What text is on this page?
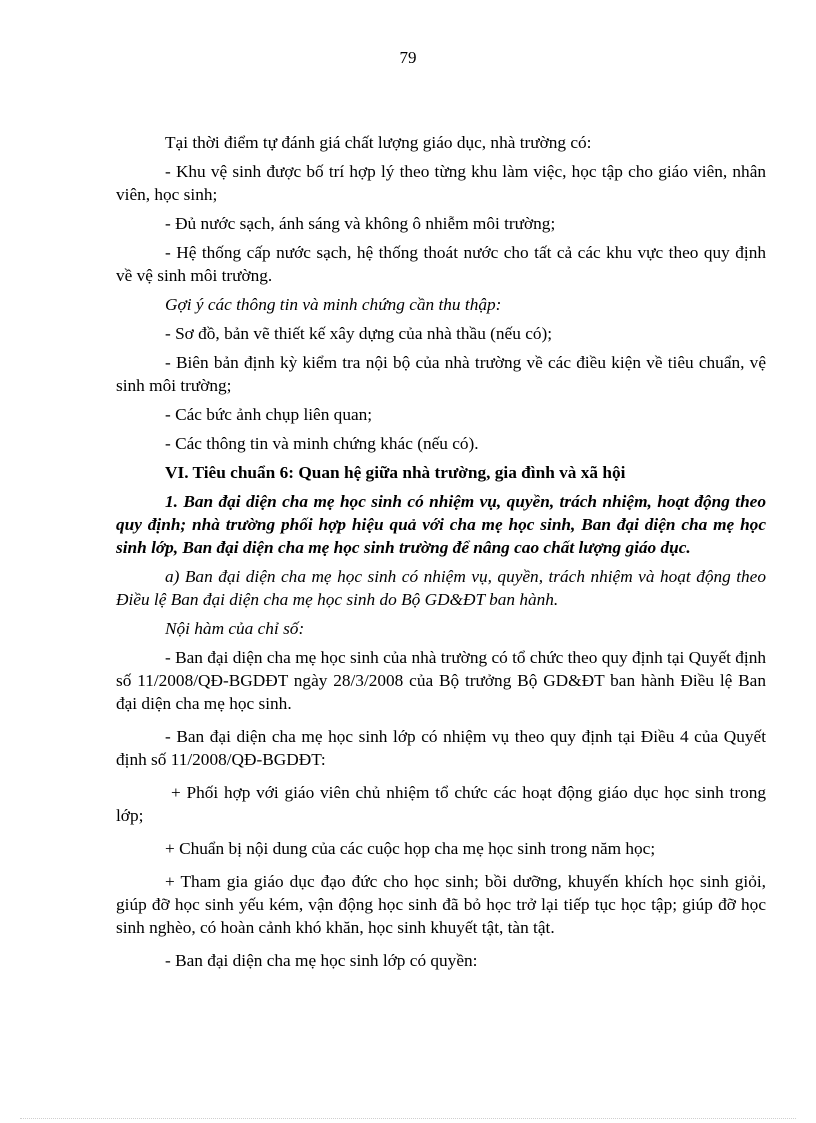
79

Tại thời điểm tự đánh giá chất lượng giáo dục, nhà trường có:

- Khu vệ sinh được bố trí hợp lý theo từng khu làm việc, học tập cho giáo viên, nhân viên, học sinh;

- Đủ nước sạch, ánh sáng và không ô nhiễm môi trường;

- Hệ thống cấp nước sạch, hệ thống thoát nước cho tất cả các khu vực theo quy định về vệ sinh môi trường.

Gợi ý các thông tin và minh chứng cần thu thập:

- Sơ đồ, bản vẽ thiết kế xây dựng của nhà thầu (nếu có);

- Biên bản định kỳ kiểm tra nội bộ của nhà trường về các điều kiện về tiêu chuẩn, vệ sinh môi trường;

- Các bức ảnh chụp liên quan;

- Các thông tin và minh chứng khác (nếu có).

VI. Tiêu chuẩn 6: Quan hệ giữa nhà trường, gia đình và xã hội

1. Ban đại diện cha mẹ học sinh có nhiệm vụ, quyền, trách nhiệm, hoạt động theo quy định; nhà trường phối hợp hiệu quả với cha mẹ học sinh, Ban đại diện cha mẹ học sinh lớp, Ban đại diện cha mẹ học sinh trường để nâng cao chất lượng giáo dục.

a) Ban đại diện cha mẹ học sinh có nhiệm vụ, quyền, trách nhiệm và hoạt động theo Điều lệ Ban đại diện cha mẹ học sinh do Bộ GD&ĐT ban hành.

Nội hàm của chỉ số:

- Ban đại diện cha mẹ học sinh của nhà trường có tổ chức theo quy định tại Quyết định số 11/2008/QĐ-BGDĐT ngày 28/3/2008 của Bộ trưởng Bộ GD&ĐT ban hành Điều lệ Ban đại diện cha mẹ học sinh.

- Ban đại diện cha mẹ học sinh lớp có nhiệm vụ theo quy định tại Điều 4 của Quyết định số 11/2008/QĐ-BGDĐT:

+ Phối hợp với giáo viên chủ nhiệm tổ chức các hoạt động giáo dục học sinh trong lớp;

+ Chuẩn bị nội dung của các cuộc họp cha mẹ học sinh trong năm học;

+ Tham gia giáo dục đạo đức cho học sinh; bồi dưỡng, khuyến khích học sinh giỏi, giúp đỡ học sinh yếu kém, vận động học sinh đã bỏ học trở lại tiếp tục học tập; giúp đỡ học sinh nghèo, có hoàn cảnh khó khăn, học sinh khuyết tật, tàn tật.

- Ban đại diện cha mẹ học sinh lớp có quyền:
